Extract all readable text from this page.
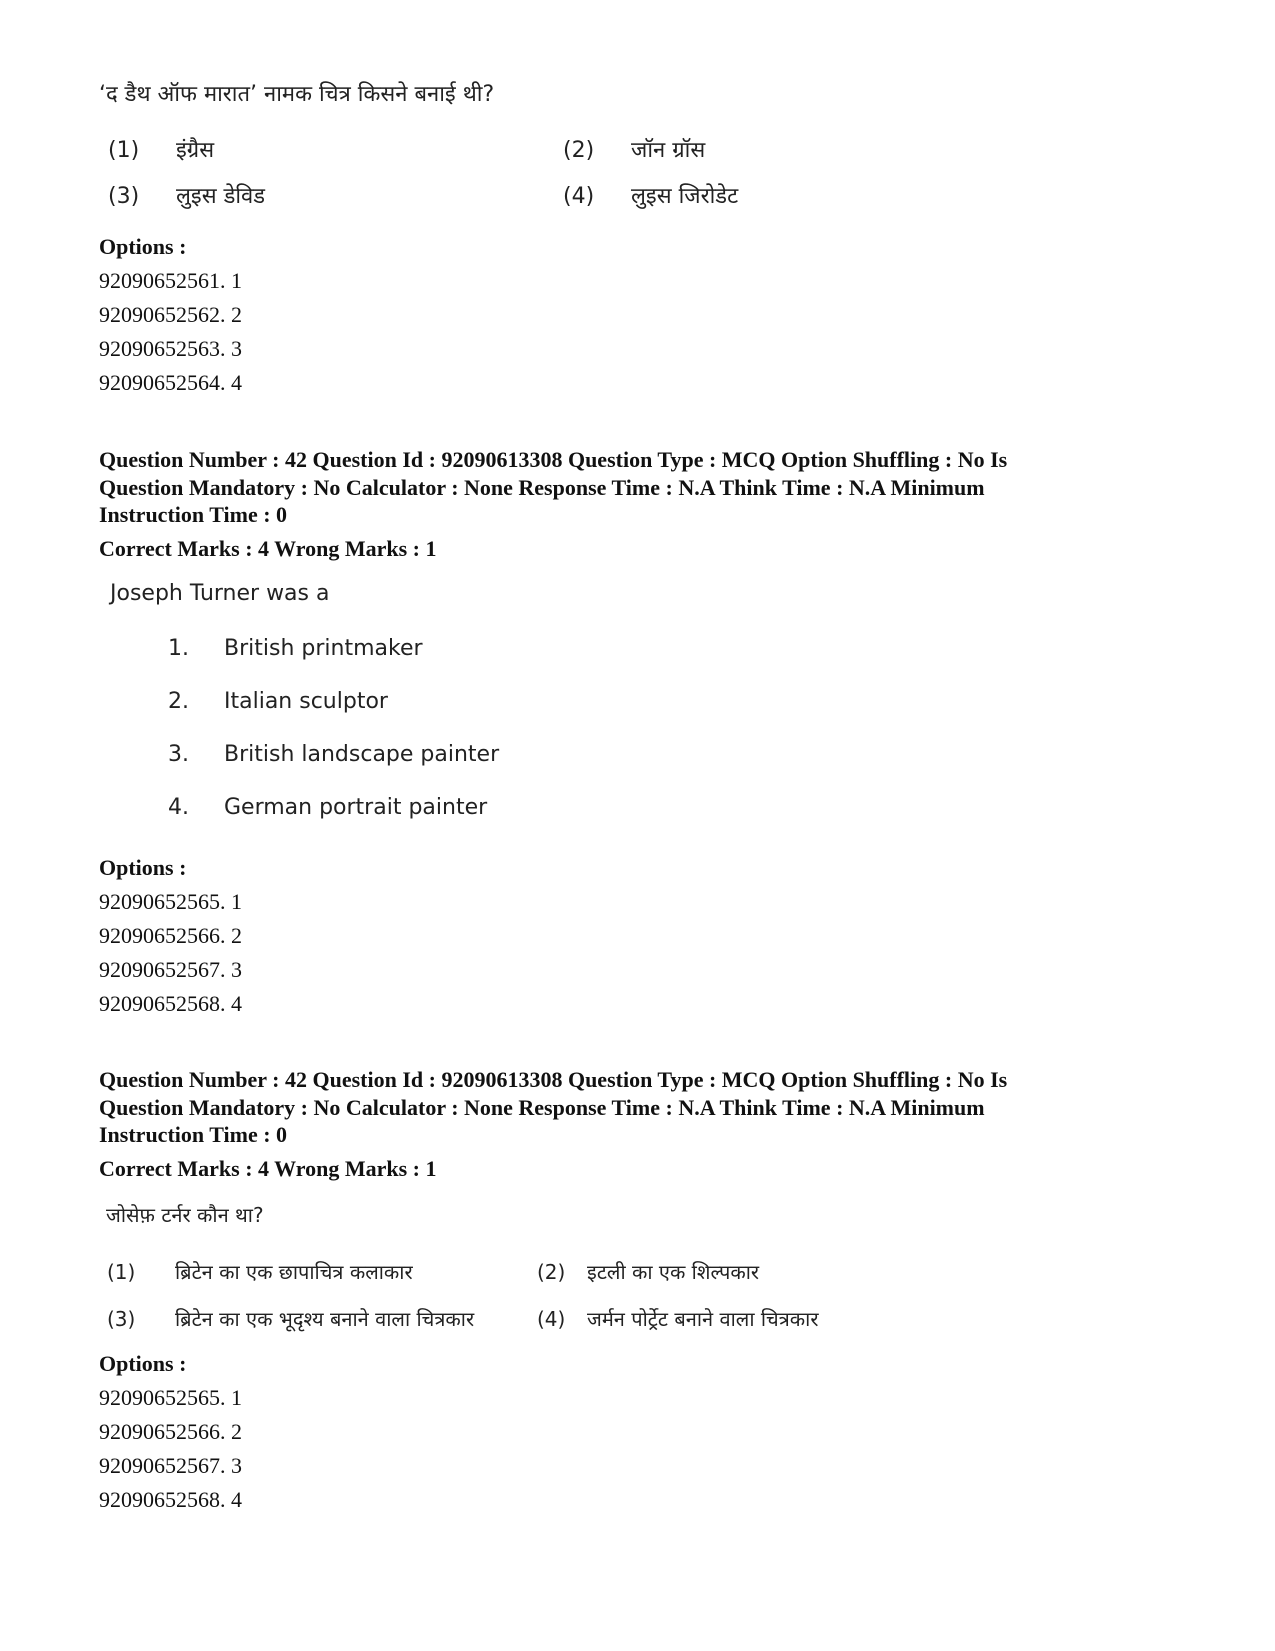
‘द डैथ ऑफ मारात’ नामक चित्र किसने बनाई थी?
(1) इंग्रैस	(2) जॉन ग्रॉस
(3) लुइस डेविड	(4) लुइस जिरोडेट
Options :
92090652561. 1
92090652562. 2
92090652563. 3
92090652564. 4
Question Number : 42 Question Id : 92090613308 Question Type : MCQ Option Shuffling : No Is
Question Mandatory : No Calculator : None Response Time : N.A Think Time : N.A Minimum
Instruction Time : 0
Correct Marks : 4 Wrong Marks : 1
Joseph Turner was a
1. British printmaker
2. Italian sculptor
3. British landscape painter
4. German portrait painter
Options :
92090652565. 1
92090652566. 2
92090652567. 3
92090652568. 4
Question Number : 42 Question Id : 92090613308 Question Type : MCQ Option Shuffling : No Is
Question Mandatory : No Calculator : None Response Time : N.A Think Time : N.A Minimum
Instruction Time : 0
Correct Marks : 4 Wrong Marks : 1
जोसेफ़ टर्नर कौन था?
(1) ब्रिटेन का एक छापाचित्र कलाकार	(2) इटली का एक शिल्पकार
(3) ब्रिटेन का एक भूदृश्य बनाने वाला चित्रकार	(4) जर्मन पोर्ट्रेट बनाने वाला चित्रकार
Options :
92090652565. 1
92090652566. 2
92090652567. 3
92090652568. 4
